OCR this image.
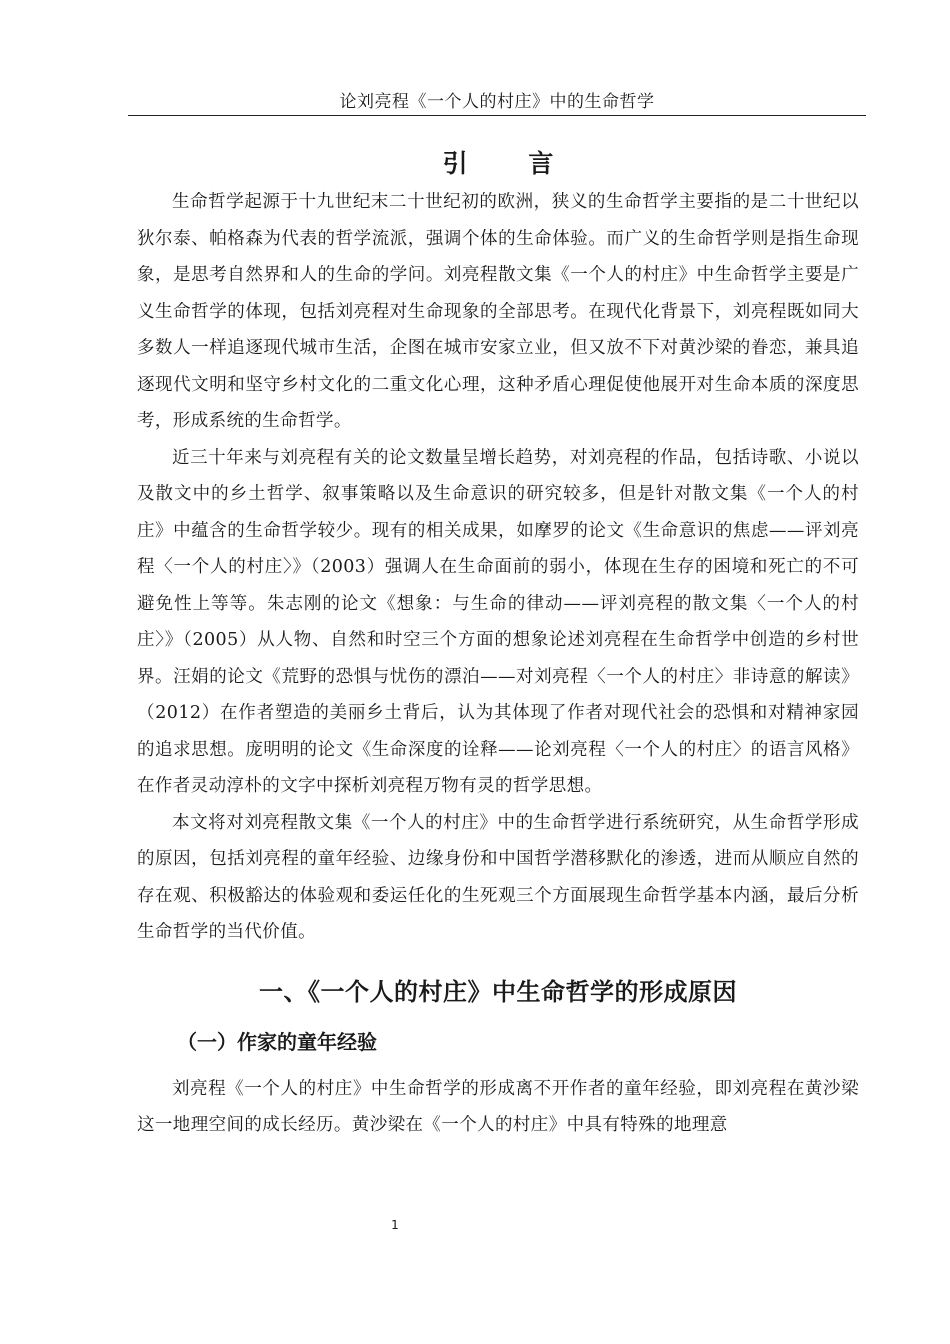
论刘亮程《一个人的村庄》中的生命哲学
引 言

生命哲学起源于十九世纪末二十世纪初的欧洲，狭义的生命哲学主要指的是二十世纪以狄尔泰、帕格森为代表的哲学流派，强调个体的生命体验。而广义的生命哲学则是指生命现象，是思考自然界和人的生命的学问。刘亮程散文集《一个人的村庄》中生命哲学主要是广义生命哲学的体现，包括刘亮程对生命现象的全部思考。在现代化背景下，刘亮程既如同大多数人一样追逐现代城市生活，企图在城市安家立业，但又放不下对黄沙梁的眷恋，兼具追逐现代文明和坚守乡村文化的二重文化心理，这种矛盾心理促使他展开对生命本质的深度思考，形成系统的生命哲学。

近三十年来与刘亮程有关的论文数量呈增长趋势，对刘亮程的作品，包括诗歌、小说以及散文中的乡土哲学、叙事策略以及生命意识的研究较多，但是针对散文集《一个人的村庄》中蕴含的生命哲学较少。现有的相关成果，如摩罗的论文《生命意识的焦虑——评刘亮程〈一个人的村庄〉》（2003）强调人在生命面前的弱小，体现在生存的困境和死亡的不可避免性上等等。朱志刚的论文《想象：与生命的律动——评刘亮程的散文集〈一个人的村庄〉》（2005）从人物、自然和时空三个方面的想象论述刘亮程在生命哲学中创造的乡村世界。汪娟的论文《荒野的恐惧与忧伤的漂泊——对刘亮程〈一个人的村庄〉非诗意的解读》（2012）在作者塑造的美丽乡土背后，认为其体现了作者对现代社会的恐惧和对精神家园的追求思想。庞明明的论文《生命深度的诠释——论刘亮程〈一个人的村庄〉的语言风格》在作者灵动淳朴的文字中探析刘亮程万物有灵的哲学思想。

本文将对刘亮程散文集《一个人的村庄》中的生命哲学进行系统研究，从生命哲学形成的原因，包括刘亮程的童年经验、边缘身份和中国哲学潜移默化的渗透，进而从顺应自然的存在观、积极豁达的体验观和委运任化的生死观三个方面展现生命哲学基本内涵，最后分析生命哲学的当代价值。

一、《一个人的村庄》中生命哲学的形成原因
（一）作家的童年经验

刘亮程《一个人的村庄》中生命哲学的形成离不开作者的童年经验，即刘亮程在黄沙梁这一地理空间的成长经历。黄沙梁在《一个人的村庄》中具有特殊的地理意

1
